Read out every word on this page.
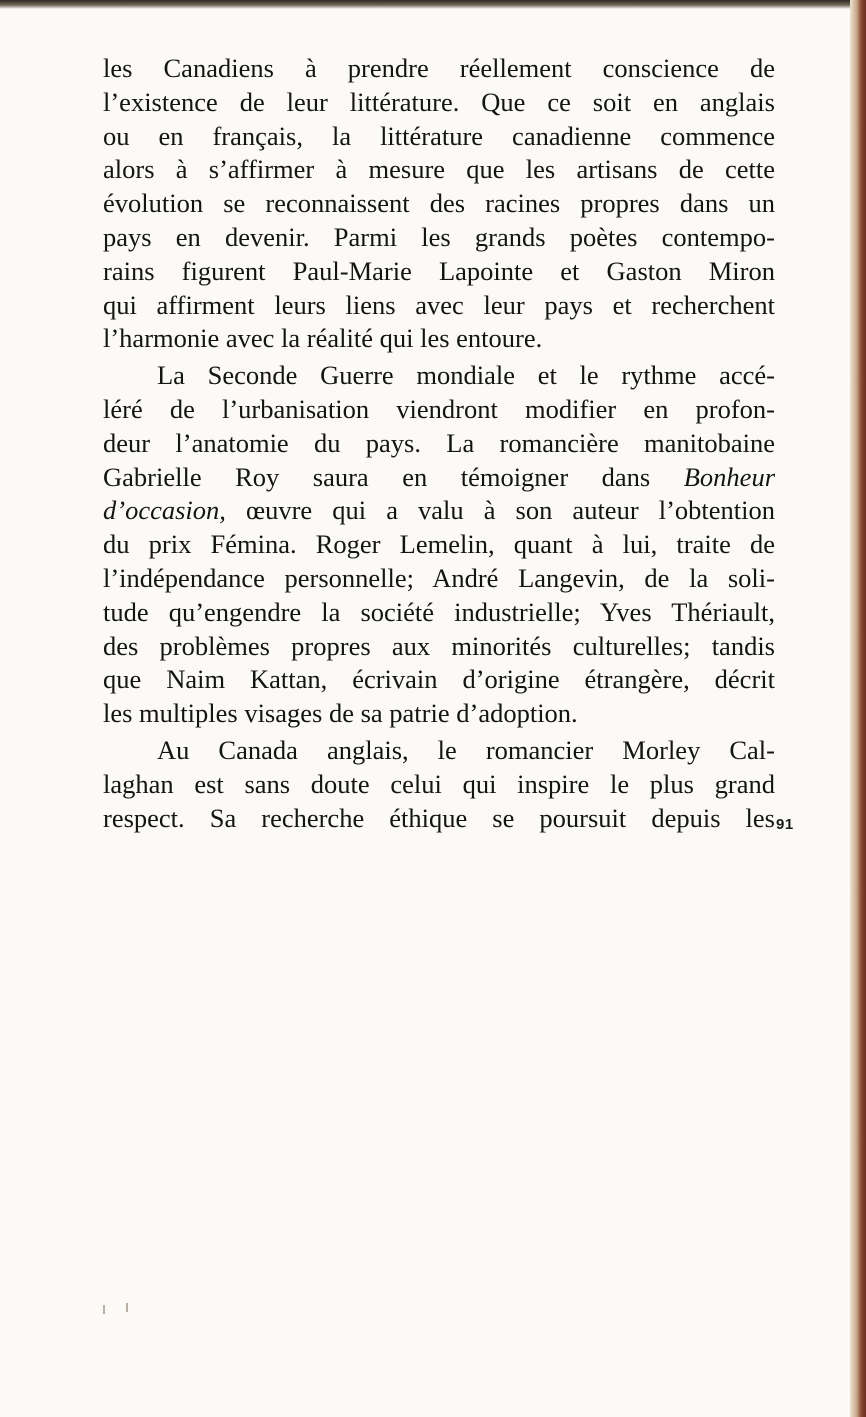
les Canadiens à prendre réellement conscience de
l’existence de leur littérature. Que ce soit en anglais
ou en français, la littérature canadienne commence
alors à s’affirmer à mesure que les artisans de cette
évolution se reconnaissent des racines propres dans un
pays en devenir. Parmi les grands poètes contempo-
rains figurent Paul-Marie Lapointe et Gaston Miron
qui affirment leurs liens avec leur pays et recherchent
l’harmonie avec la réalité qui les entoure.
La Seconde Guerre mondiale et le rythme accé-
léré de l’urbanisation viendront modifier en profon-
deur l’anatomie du pays. La romancière manitobaine
Gabrielle Roy saura en témoigner dans Bonheur
d’occasion, œuvre qui a valu à son auteur l’obtention
du prix Fémina. Roger Lemelin, quant à lui, traite de
l’indépendance personnelle; André Langevin, de la soli-
tude qu’engendre la société industrielle; Yves Thériault,
des problèmes propres aux minorités culturelles; tandis
que Naim Kattan, écrivain d’origine étrangère, décrit
les multiples visages de sa patrie d’adoption.
Au Canada anglais, le romancier Morley Cal-
laghan est sans doute celui qui inspire le plus grand
respect. Sa recherche éthique se poursuit depuis les 91
